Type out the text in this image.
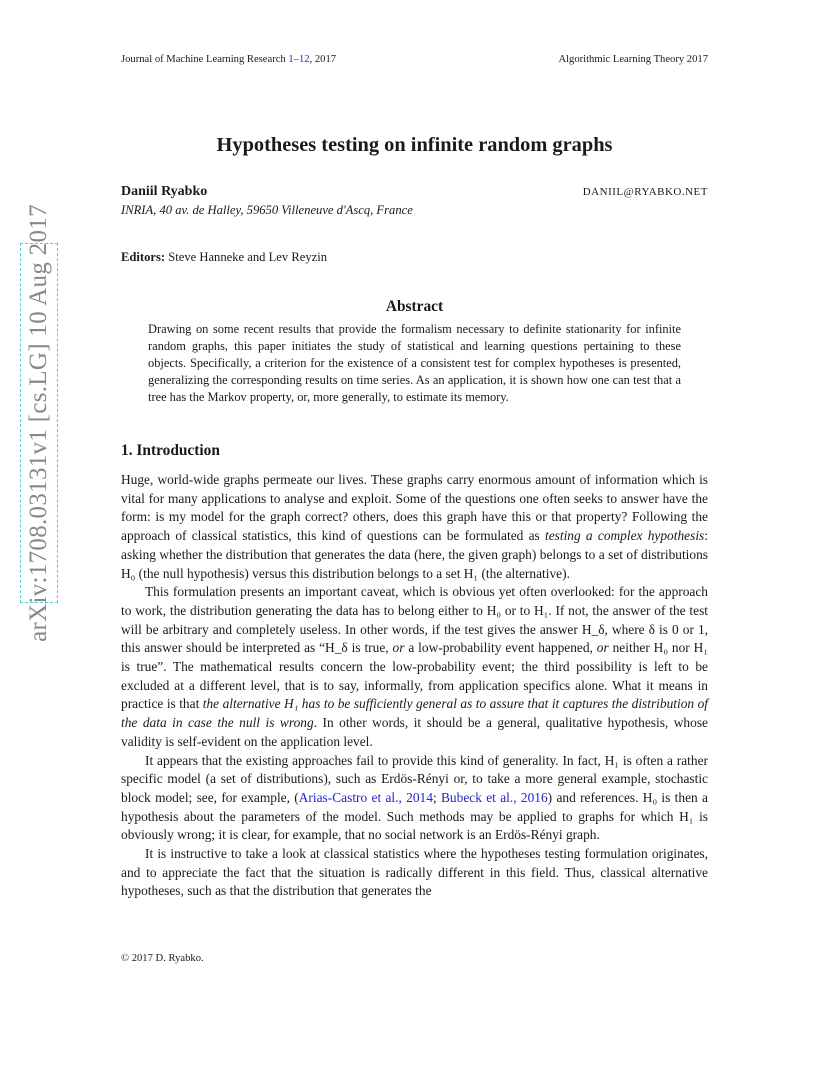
Journal of Machine Learning Research 1–12, 2017	Algorithmic Learning Theory 2017
arXiv:1708.03131v1 [cs.LG] 10 Aug 2017
Hypotheses testing on infinite random graphs
Daniil Ryabko	DANIIL@RYABKO.NET
INRIA, 40 av. de Halley, 59650 Villeneuve d'Ascq, France
Editors: Steve Hanneke and Lev Reyzin
Abstract
Drawing on some recent results that provide the formalism necessary to definite stationarity for infinite random graphs, this paper initiates the study of statistical and learning questions pertaining to these objects. Specifically, a criterion for the existence of a consistent test for complex hypotheses is presented, generalizing the corresponding results on time series. As an application, it is shown how one can test that a tree has the Markov property, or, more generally, to estimate its memory.
1. Introduction

Huge, world-wide graphs permeate our lives. These graphs carry enormous amount of information which is vital for many applications to analyse and exploit. Some of the questions one often seeks to answer have the form: is my model for the graph correct? others, does this graph have this or that property? Following the approach of classical statistics, this kind of questions can be formulated as testing a complex hypothesis: asking whether the distribution that generates the data (here, the given graph) belongs to a set of distributions H₀ (the null hypothesis) versus this distribution belongs to a set H₁ (the alternative).

This formulation presents an important caveat, which is obvious yet often overlooked: for the approach to work, the distribution generating the data has to belong either to H₀ or to H₁. If not, the answer of the test will be arbitrary and completely useless. In other words, if the test gives the answer H_δ, where δ is 0 or 1, this answer should be interpreted as “H_δ is true, or a low-probability event happened, or neither H₀ nor H₁ is true”. The mathematical results concern the low-probability event; the third possibility is left to be excluded at a different level, that is to say, informally, from application specifics alone. What it means in practice is that the alternative H₁ has to be sufficiently general as to assure that it captures the distribution of the data in case the null is wrong. In other words, it should be a general, qualitative hypothesis, whose validity is self-evident on the application level.

It appears that the existing approaches fail to provide this kind of generality. In fact, H₁ is often a rather specific model (a set of distributions), such as Erdös-Rényi or, to take a more general example, stochastic block model; see, for example, (Arias-Castro et al., 2014; Bubeck et al., 2016) and references. H₀ is then a hypothesis about the parameters of the model. Such methods may be applied to graphs for which H₁ is obviously wrong; it is clear, for example, that no social network is an Erdös-Rényi graph.

It is instructive to take a look at classical statistics where the hypotheses testing formulation originates, and to appreciate the fact that the situation is radically different in this field. Thus, classical alternative hypotheses, such as that the distribution that generates the

© 2017 D. Ryabko.
